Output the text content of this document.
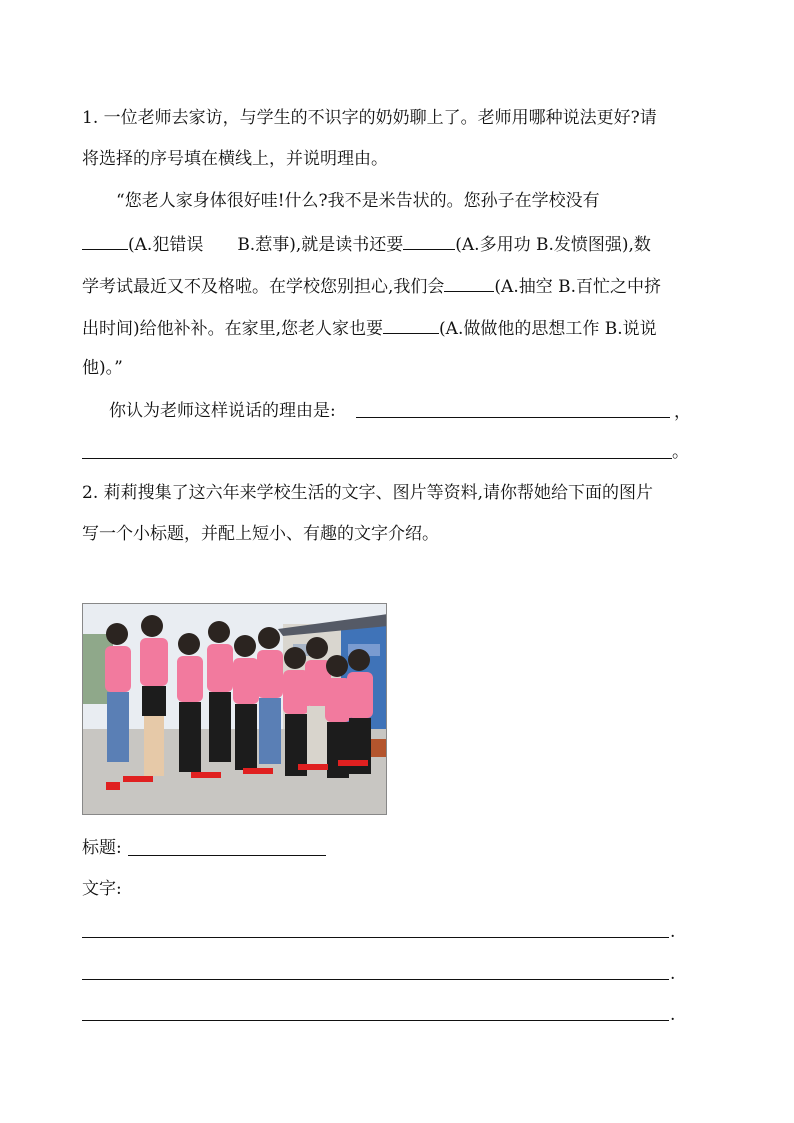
1. 一位老师去家访，与学生的不识字的奶奶聊上了。老师用哪种说法更好?请
将选择的序号填在横线上，并说明理由。
“您老人家身体很好哇!什么?我不是米告状的。您孙子在学校没有
(A.犯错误　　B.惹事),就是读书还要	(A.多用功 B.发愤图强),数
学考试最近又不及格啦。在学校您别担心,我们会	(A.抽空 B.百忙之中挤
出时间)给他补补。在家里,您老人家也要	(A.做做他的思想工作 B.说说
他)。”
你认为老师这样说话的理由是:	，
。
2. 莉莉搜集了这六年来学校生活的文字、图片等资料,请你帮她给下面的图片
写一个小标题，并配上短小、有趣的文字介绍。
标题:
文字:
.
.
.
